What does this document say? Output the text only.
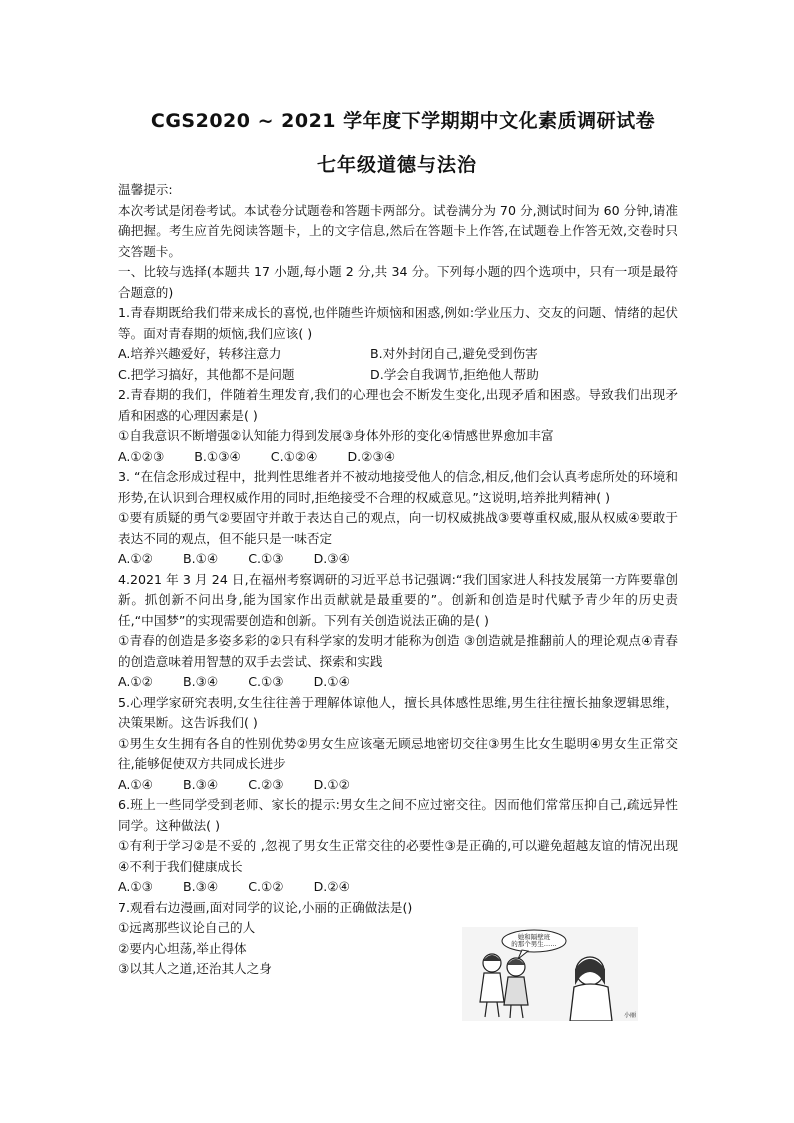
CGS2020 ~ 2021 学年度下学期期中文化素质调研试卷
七年级道德与法治

温馨提示:

本次考试是闭卷考试。本试卷分试题卷和答题卡两部分。试卷满分为 70 分,测试时间为 60 分钟,请准确把握。考生应首先阅读答题卡，上的文字信息,然后在答题卡上作答,在试题卷上作答无效,交卷时只交答题卡。

一、比较与选择(本题共 17 小题,每小题 2 分,共 34 分。下列每小题的四个选项中，只有一项是最符合题意的)

1.青春期既给我们带来成长的喜悦,也伴随些许烦恼和困惑,例如:学业压力、交友的问题、情绪的起伏等。面对青春期的烦恼,我们应该( )

A.培养兴趣爱好，转移注意力	B.对外封闭自己,避免受到伤害
C.把学习搞好，其他都不是问题	D.学会自我调节,拒绝他人帮助

2.青春期的我们，伴随着生理发育,我们的心理也会不断发生变化,出现矛盾和困惑。导致我们出现矛盾和困惑的心理因素是( )

①自我意识不断增强②认知能力得到发展③身体外形的变化④情感世界愈加丰富

A.①②③ B.①③④ C.①②④ D.②③④

3. “在信念形成过程中，批判性思维者并不被动地接受他人的信念,相反,他们会认真考虑所处的环境和形势,在认识到合理权威作用的同时,拒绝接受不合理的权威意见。”这说明,培养批判精神( )

①要有质疑的勇气②要固守并敢于表达自己的观点，向一切权威挑战③要尊重权威,服从权威④要敢于表达不同的观点，但不能只是一味否定

A.①② B.①④ C.①③ D.③④

4.2021 年 3 月 24 日,在福州考察调研的习近平总书记强调:“我们国家进人科技发展第一方阵要靠创新。抓创新不问出身,能为国家作出贡献就是最重要的”。创新和创造是时代赋予青少年的历史责任,“中国梦”的实现需要创造和创新。下列有关创造说法正确的是( )

①青春的创造是多姿多彩的②只有科学家的发明才能称为创造 ③创造就是推翻前人的理论观点④青春的创造意味着用智慧的双手去尝试、探索和实践

A.①② B.③④ C.①③ D.①④

5.心理学家研究表明,女生往往善于理解体谅他人，擅长具体感性思维,男生往往擅长抽象逻辑思维，决策果断。这告诉我们( )

①男生女生拥有各自的性别优势②男女生应该毫无顾忌地密切交往③男生比女生聪明④男女生正常交往,能够促使双方共同成长进步

A.①④ B.③④ C.②③ D.①②

6.班上一些同学受到老师、家长的提示:男女生之间不应过密交往。因而他们常常压抑自己,疏远异性同学。这种做法( )

①有利于学习②是不妥的 ,忽视了男女生正常交往的必要性③是正确的,可以避免超越友谊的情况出现④不利于我们健康成长

A.①③ B.③④ C.①② D.②④

7.观看右边漫画,面对同学的议论,小丽的正确做法是()

①远离那些议论自己的人

②要内心坦荡,举止得体

③以其人之道,还治其人之身

她和隔壁班的那个男生……
小丽
